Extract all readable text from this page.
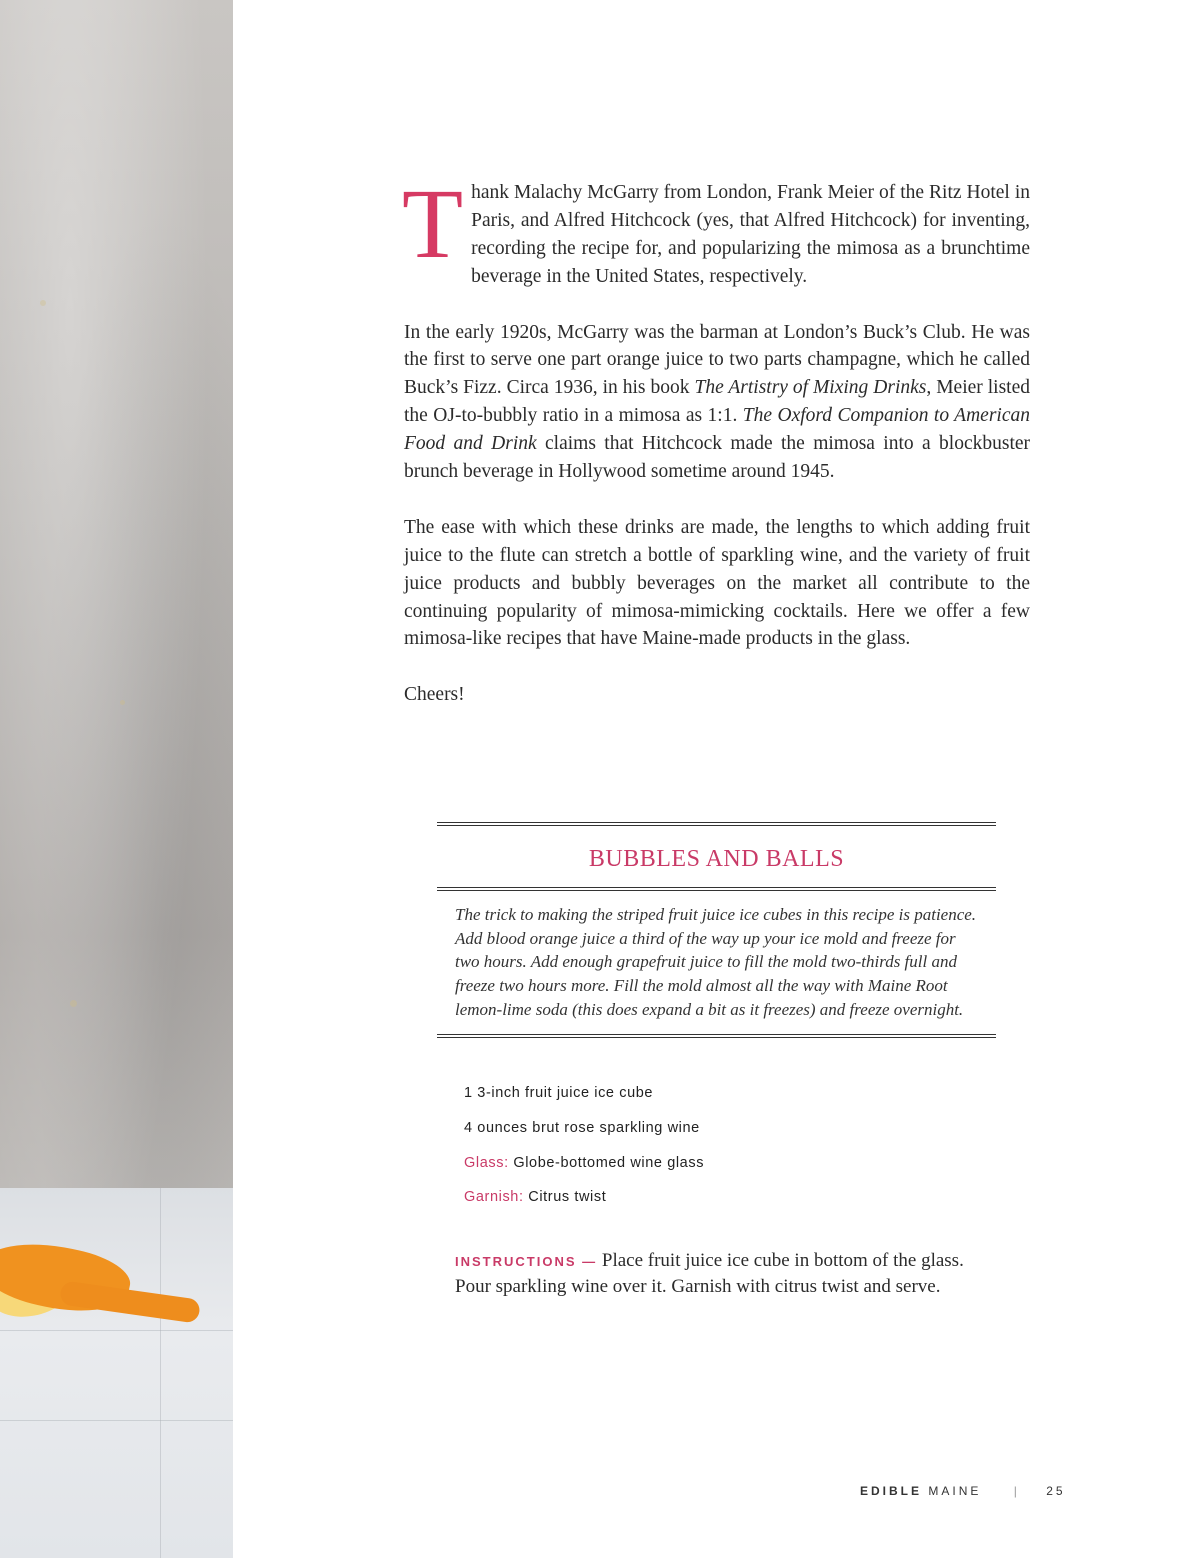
T hank Malachy McGarry from London, Frank Meier of the Ritz Hotel in Paris, and Alfred Hitchcock (yes, that Alfred Hitchcock) for inventing, recording the recipe for, and popularizing the mimosa as a brunchtime beverage in the United States, respectively.

In the early 1920s, McGarry was the barman at London’s Buck’s Club. He was the first to serve one part orange juice to two parts champagne, which he called Buck’s Fizz. Circa 1936, in his book The Artistry of Mixing Drinks, Meier listed the OJ-to-bubbly ratio in a mimosa as 1:1. The Oxford Companion to American Food and Drink claims that Hitchcock made the mimosa into a blockbuster brunch beverage in Hollywood sometime around 1945.

The ease with which these drinks are made, the lengths to which adding fruit juice to the flute can stretch a bottle of sparkling wine, and the variety of fruit juice products and bubbly beverages on the market all contribute to the continuing popularity of mimosa-mimicking cocktails. Here we offer a few mimosa-like recipes that have Maine-made products in the glass.

Cheers!

BUBBLES AND BALLS

The trick to making the striped fruit juice ice cubes in this recipe is patience. Add blood orange juice a third of the way up your ice mold and freeze for two hours. Add enough grapefruit juice to fill the mold two-thirds full and freeze two hours more. Fill the mold almost all the way with Maine Root lemon-lime soda (this does expand a bit as it freezes) and freeze overnight.

1 3-inch fruit juice ice cube
4 ounces brut rose sparkling wine
Glass: Globe-bottomed wine glass
Garnish: Citrus twist
INSTRUCTIONS — Place fruit juice ice cube in bottom of the glass. Pour sparkling wine over it. Garnish with citrus twist and serve.
EDIBLE MAINE	| 25
